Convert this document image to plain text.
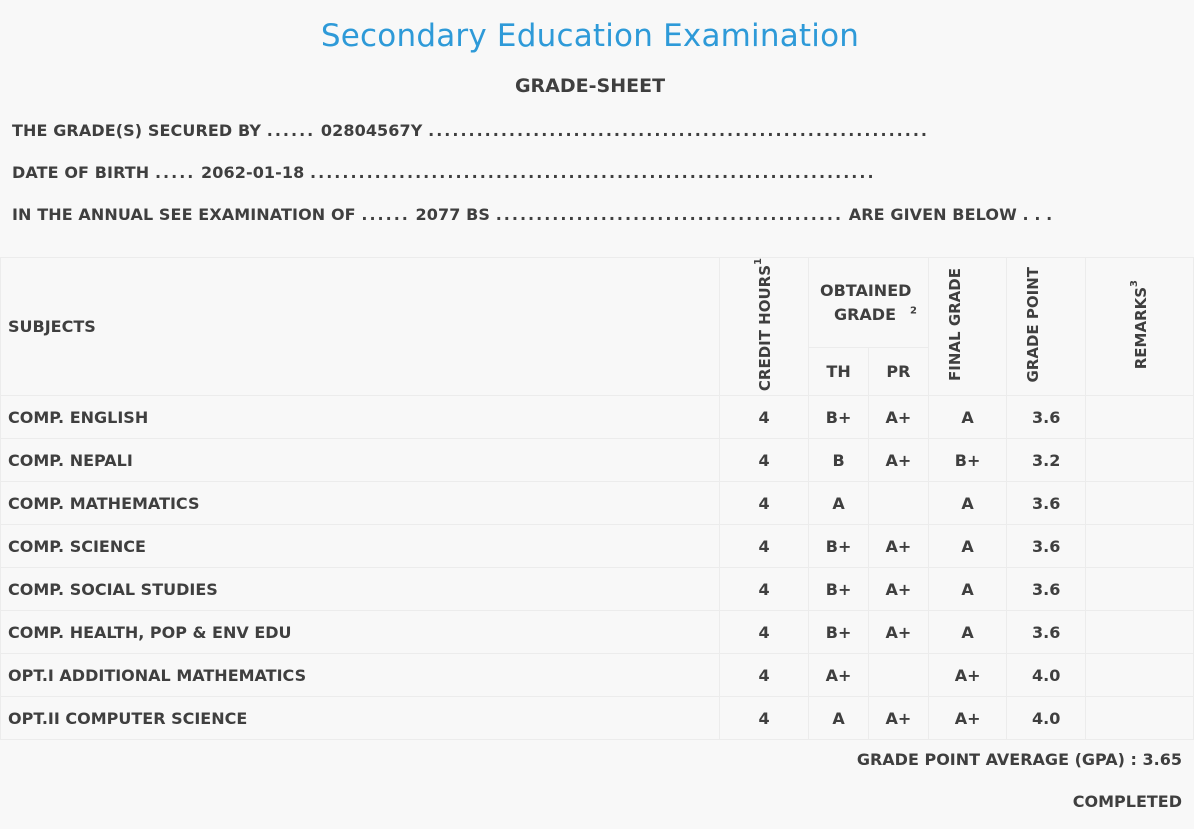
Secondary Education Examination
GRADE-SHEET
THE GRADE(S) SECURED BY ...... 02804567Y ..............................................................
DATE OF BIRTH ..... 2062-01-18 ......................................................................
IN THE ANNUAL SEE EXAMINATION OF ...... 2077 BS ........................................... ARE GIVEN BELOW . . .
SUBJECTS	CREDIT HOURS$^1$	OBTAINED GRADE $^2$		FINAL GRADE	GRADE POINT	REMARKS$^3$
		TH	PR			
COMP. ENGLISH	4	B+	A+	A	3.6	
COMP. NEPALI	4	B	A+	B+	3.2	
COMP. MATHEMATICS	4	A		A	3.6	
COMP. SCIENCE	4	B+	A+	A	3.6	
COMP. SOCIAL STUDIES	4	B+	A+	A	3.6	
COMP. HEALTH, POP & ENV EDU	4	B+	A+	A	3.6	
OPT.I ADDITIONAL MATHEMATICS	4	A+		A+	4.0	
OPT.II COMPUTER SCIENCE	4	A	A+	A+	4.0	
GRADE POINT AVERAGE (GPA) : 3.65
COMPLETED
